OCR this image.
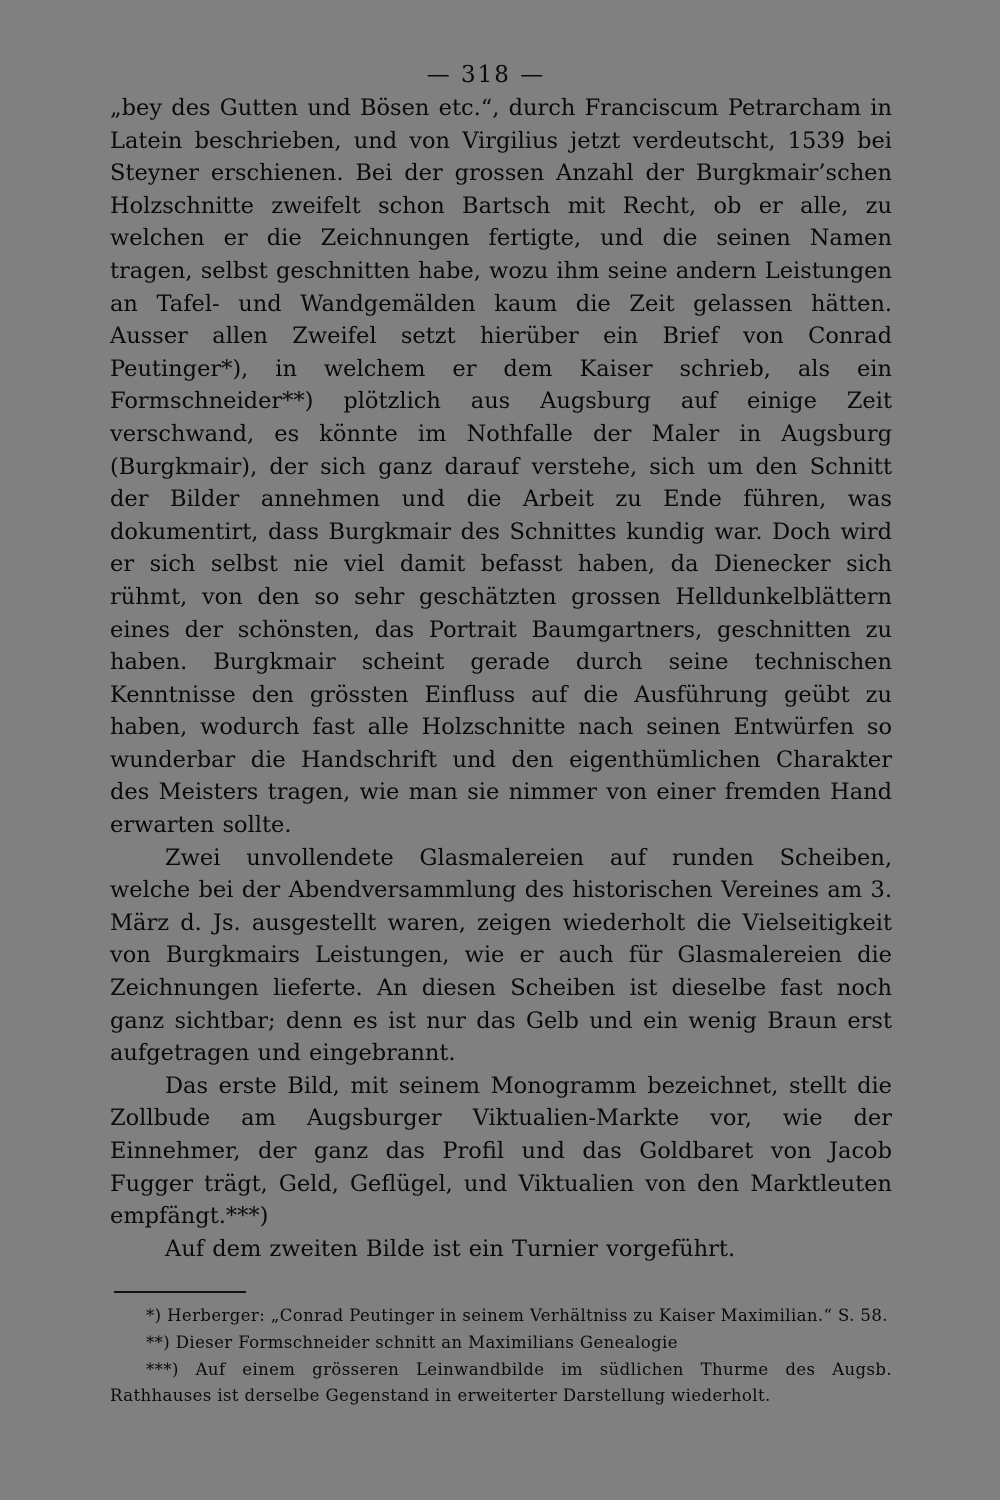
— 318 —

„bey des Gutten und Bösen etc.“, durch Franciscum Petrarcham in Latein beschrieben, und von Virgilius jetzt verdeutscht, 1539 bei Steyner erschienen. Bei der grossen Anzahl der Burgkmair’schen Holzschnitte zweifelt schon Bartsch mit Recht, ob er alle, zu welchen er die Zeichnungen fertigte, und die seinen Namen tragen, selbst geschnitten habe, wozu ihm seine andern Leistungen an Tafel- und Wandgemälden kaum die Zeit gelassen hätten. Ausser allen Zweifel setzt hierüber ein Brief von Conrad Peutinger*), in welchem er dem Kaiser schrieb, als ein Formschneider**) plötzlich aus Augsburg auf einige Zeit verschwand, es könnte im Nothfalle der Maler in Augsburg (Burgkmair), der sich ganz darauf verstehe, sich um den Schnitt der Bilder annehmen und die Arbeit zu Ende führen, was dokumentirt, dass Burgkmair des Schnittes kundig war. Doch wird er sich selbst nie viel damit befasst haben, da Dienecker sich rühmt, von den so sehr geschätzten grossen Helldunkelblättern eines der schönsten, das Portrait Baumgartners, geschnitten zu haben. Burgkmair scheint gerade durch seine technischen Kenntnisse den grössten Einfluss auf die Ausführung geübt zu haben, wodurch fast alle Holzschnitte nach seinen Entwürfen so wunderbar die Handschrift und den eigenthümlichen Charakter des Meisters tragen, wie man sie nimmer von einer fremden Hand erwarten sollte.

Zwei unvollendete Glasmalereien auf runden Scheiben, welche bei der Abendversammlung des historischen Vereines am 3. März d. Js. ausgestellt waren, zeigen wiederholt die Vielseitigkeit von Burgkmairs Leistungen, wie er auch für Glasmalereien die Zeichnungen lieferte. An diesen Scheiben ist dieselbe fast noch ganz sichtbar; denn es ist nur das Gelb und ein wenig Braun erst aufgetragen und eingebrannt.

Das erste Bild, mit seinem Monogramm bezeichnet, stellt die Zollbude am Augsburger Viktualien-Markte vor, wie der Einnehmer, der ganz das Profil und das Goldbaret von Jacob Fugger trägt, Geld, Geflügel, und Viktualien von den Marktleuten empfängt.***)

Auf dem zweiten Bilde ist ein Turnier vorgeführt.

*) Herberger: „Conrad Peutinger in seinem Verhältniss zu Kaiser Maximilian.“ S. 58.

**) Dieser Formschneider schnitt an Maximilians Genealogie

***) Auf einem grösseren Leinwandbilde im südlichen Thurme des Augsb. Rathhauses ist derselbe Gegenstand in erweiterter Darstellung wiederholt.
